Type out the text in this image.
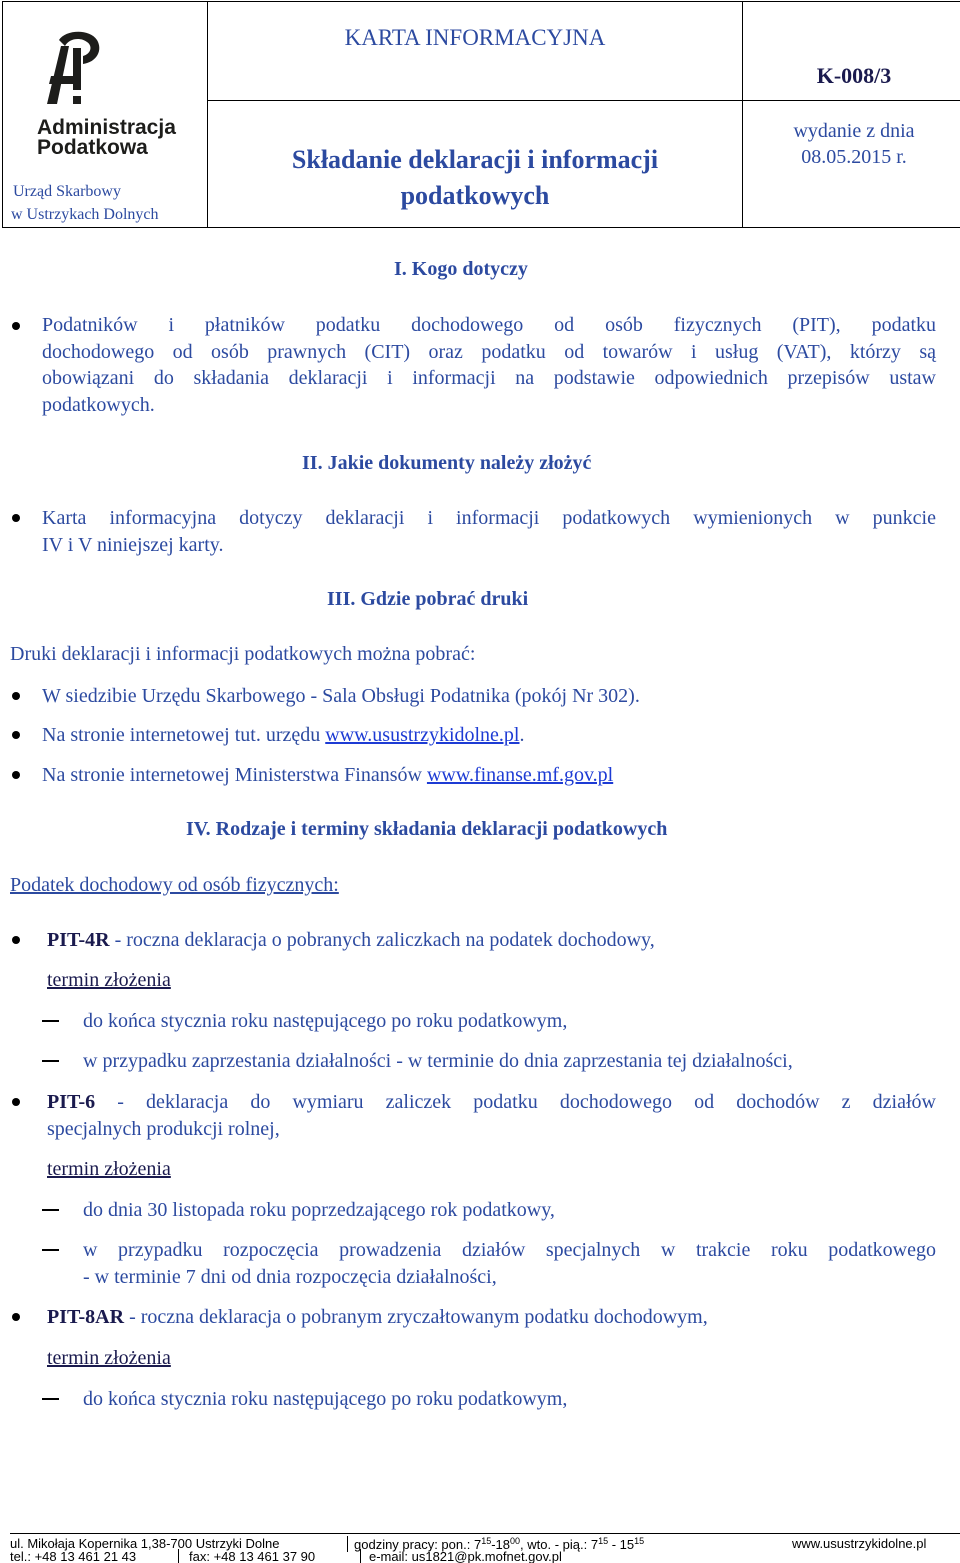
Administracja
Podatkowa
Urząd Skarbowy
w Ustrzykach Dolnych
KARTA INFORMACYJNA
K-008/3
Składanie deklaracji i informacji
podatkowych
wydanie z dnia
08.05.2015 r.
I. Kogo dotyczy
Podatników i płatników podatku dochodowego od osób fizycznych (PIT), podatku
dochodowego od osób prawnych (CIT) oraz podatku od towarów i usług (VAT), którzy są
obowiązani do składania deklaracji i informacji na podstawie odpowiednich przepisów ustaw
podatkowych.
II. Jakie dokumenty należy złożyć
Karta informacyjna dotyczy deklaracji i informacji podatkowych wymienionych w punkcie
IV i V niniejszej karty.
III. Gdzie pobrać druki
Druki deklaracji i informacji podatkowych można pobrać:
W siedzibie Urzędu Skarbowego - Sala Obsługi Podatnika (pokój Nr 302).
Na stronie internetowej tut. urzędu www.usustrzykidolne.pl.
Na stronie internetowej Ministerstwa Finansów www.finanse.mf.gov.pl
IV. Rodzaje i terminy składania deklaracji podatkowych
Podatek dochodowy od osób fizycznych:
PIT-4R - roczna deklaracja o pobranych zaliczkach na podatek dochodowy,
termin złożenia
do końca stycznia roku następującego po roku podatkowym,
w przypadku zaprzestania działalności - w terminie do dnia zaprzestania tej działalności,
PIT-6 - deklaracja do wymiaru zaliczek podatku dochodowego od dochodów z działów
specjalnych produkcji rolnej,
termin złożenia
do dnia 30 listopada roku poprzedzającego rok podatkowy,
w przypadku rozpoczęcia prowadzenia działów specjalnych w trakcie roku podatkowego
- w terminie 7 dni od dnia rozpoczęcia działalności,
PIT-8AR - roczna deklaracja o pobranym zryczałtowanym podatku dochodowym,
termin złożenia
do końca stycznia roku następującego po roku podatkowym,
ul. Mikołaja Kopernika 1,38-700 Ustrzyki Dolne	godziny pracy: pon.: $7^{15}-18^{00}$, wto. - pią.: $7^{15} - 15^{15}$	www.usustrzykidolne.pl
tel.: +48 13 461 21 43	fax: +48 13 461 37 90	e-mail: us1821@pk.mofnet.gov.pl
